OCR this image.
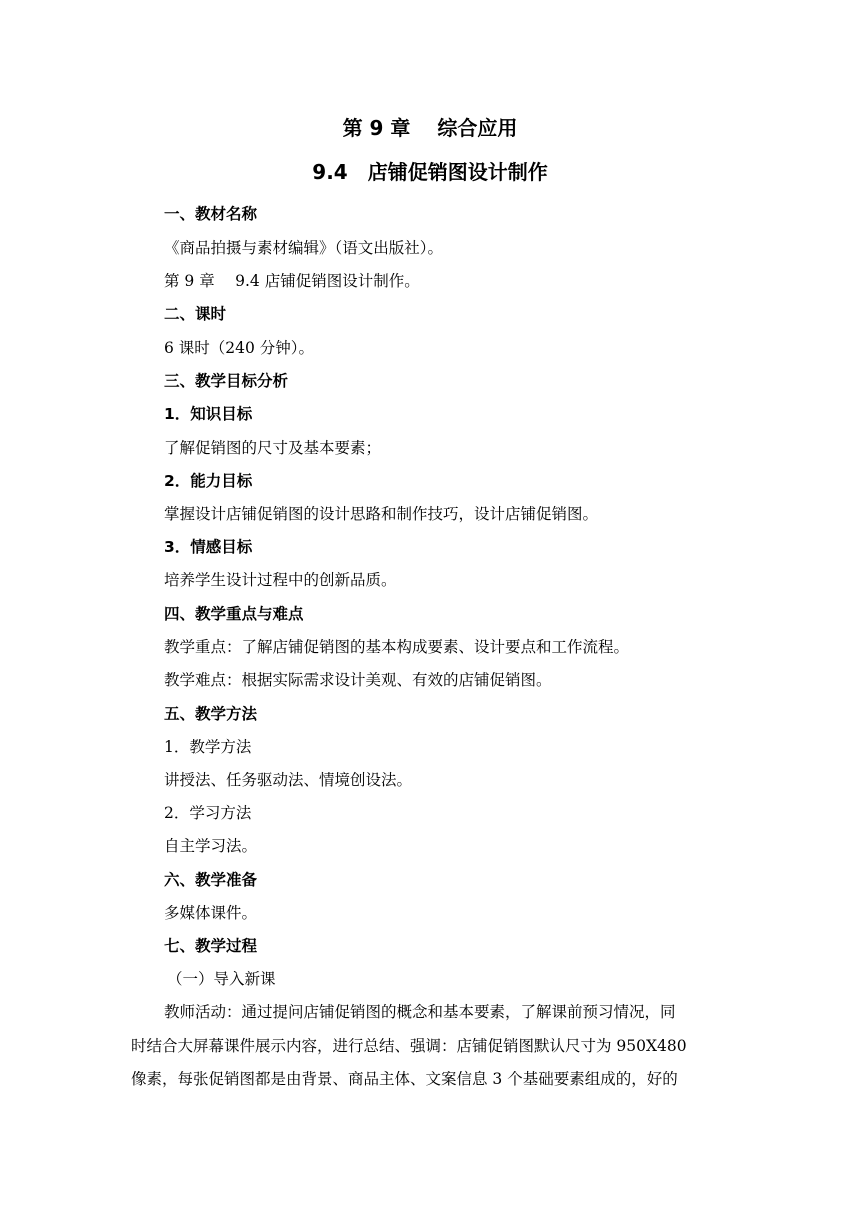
第 9 章　 综合应用
9.4　店铺促销图设计制作
一、教材名称
《商品拍摄与素材编辑》（语文出版社）。
第 9 章　 9.4 店铺促销图设计制作。
二、课时
6 课时（240 分钟）。
三、教学目标分析
1．知识目标
了解促销图的尺寸及基本要素；
2．能力目标
掌握设计店铺促销图的设计思路和制作技巧，设计店铺促销图。
3．情感目标
培养学生设计过程中的创新品质。
四、教学重点与难点
教学重点：了解店铺促销图的基本构成要素、设计要点和工作流程。
教学难点：根据实际需求设计美观、有效的店铺促销图。
五、教学方法
1．教学方法
讲授法、任务驱动法、情境创设法。
2．学习方法
自主学习法。
六、教学准备
多媒体课件。
七、教学过程
（一）导入新课
教师活动：通过提问店铺促销图的概念和基本要素，了解课前预习情况，同
时结合大屏幕课件展示内容，进行总结、强调：店铺促销图默认尺寸为 950X480
像素，每张促销图都是由背景、商品主体、文案信息 3 个基础要素组成的，好的
